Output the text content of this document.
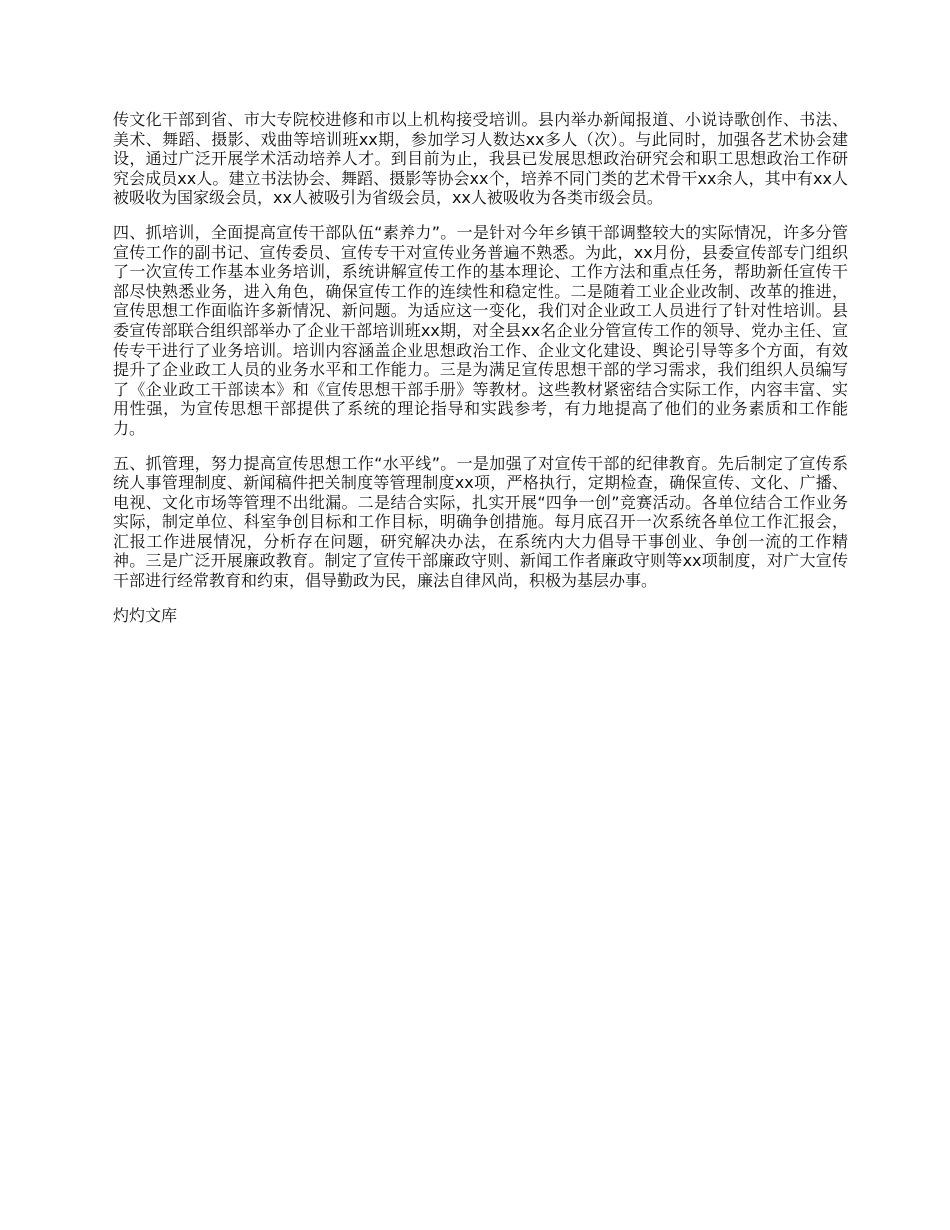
传文化干部到省、市大专院校进修和市以上机构接受培训。县内举办新闻报道、小说诗歌创作、书法、美术、舞蹈、摄影、戏曲等培训班xx期，参加学习人数达xx多人（次）。与此同时，加强各艺术协会建设，通过广泛开展学术活动培养人才。到目前为止，我县已发展思想政治研究会和职工思想政治工作研究会成员xx人。建立书法协会、舞蹈、摄影等协会xx个，培养不同门类的艺术骨干xx余人，其中有xx人被吸收为国家级会员，xx人被吸引为省级会员，xx人被吸收为各类市级会员。

四、抓培训，全面提高宣传干部队伍“素养力”。一是针对今年乡镇干部调整较大的实际情况，许多分管宣传工作的副书记、宣传委员、宣传专干对宣传业务普遍不熟悉。为此，xx月份，县委宣传部专门组织了一次宣传工作基本业务培训，系统讲解宣传工作的基本理论、工作方法和重点任务，帮助新任宣传干部尽快熟悉业务，进入角色，确保宣传工作的连续性和稳定性。二是随着工业企业改制、改革的推进，宣传思想工作面临许多新情况、新问题。为适应这一变化，我们对企业政工人员进行了针对性培训。县委宣传部联合组织部举办了企业干部培训班xx期，对全县xx名企业分管宣传工作的领导、党办主任、宣传专干进行了业务培训。培训内容涵盖企业思想政治工作、企业文化建设、舆论引导等多个方面，有效提升了企业政工人员的业务水平和工作能力。三是为满足宣传思想干部的学习需求，我们组织人员编写了《企业政工干部读本》和《宣传思想干部手册》等教材。这些教材紧密结合实际工作，内容丰富、实用性强，为宣传思想干部提供了系统的理论指导和实践参考，有力地提高了他们的业务素质和工作能力。

五、抓管理，努力提高宣传思想工作“水平线”。一是加强了对宣传干部的纪律教育。先后制定了宣传系统人事管理制度、新闻稿件把关制度等管理制度xx项，严格执行，定期检查，确保宣传、文化、广播、电视、文化市场等管理不出纰漏。二是结合实际，扎实开展“四争一创”竞赛活动。各单位结合工作业务实际，制定单位、科室争创目标和工作目标，明确争创措施。每月底召开一次系统各单位工作汇报会，汇报工作进展情况，分析存在问题，研究解决办法，在系统内大力倡导干事创业、争创一流的工作精神。三是广泛开展廉政教育。制定了宣传干部廉政守则、新闻工作者廉政守则等xx项制度，对广大宣传干部进行经常教育和约束，倡导勤政为民，廉法自律风尚，积极为基层办事。

灼灼文库
